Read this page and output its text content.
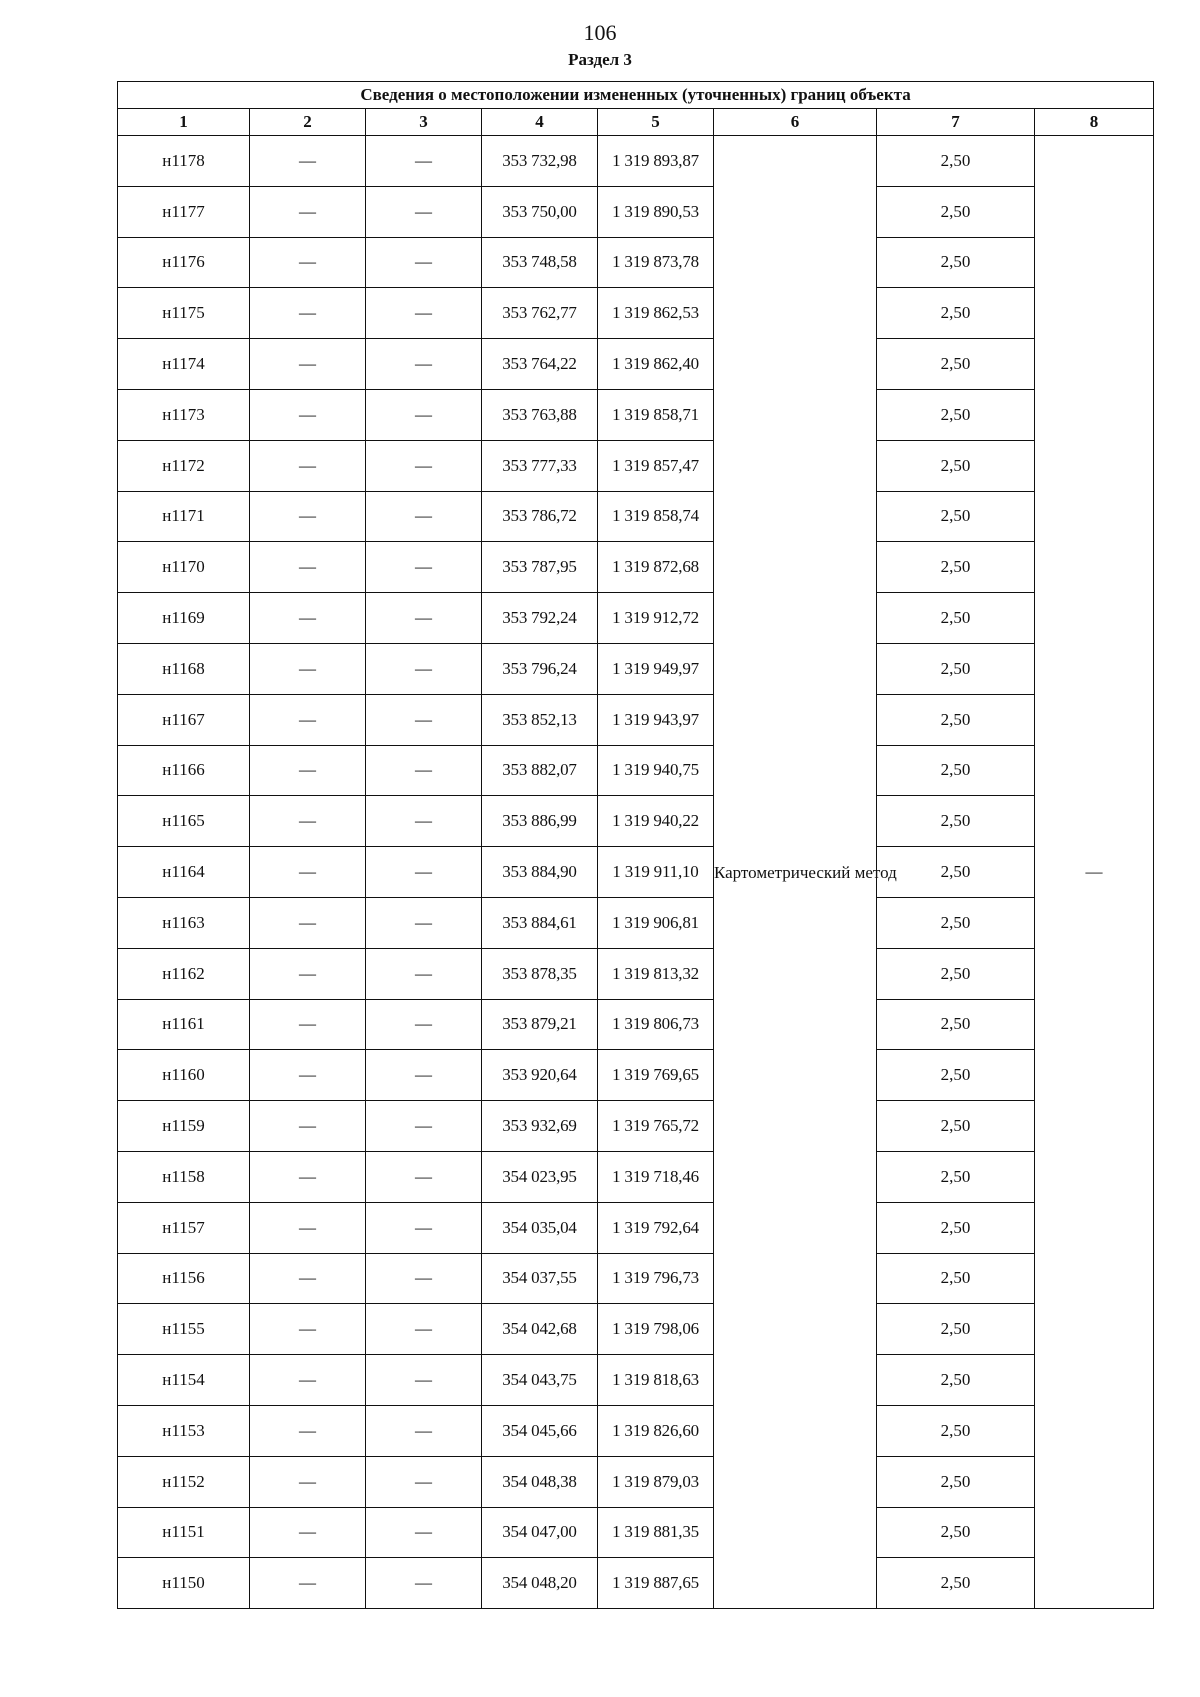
106
Раздел 3
Сведения о местоположении измененных (уточненных) границ объекта							
1	2	3	4	5	6	7	8
н1178	—	—	353 732,98	1 319 893,87	Картометрический метод	2,50	—
н1177	—	—	353 750,00	1 319 890,53		2,50	
н1176	—	—	353 748,58	1 319 873,78		2,50	
н1175	—	—	353 762,77	1 319 862,53		2,50	
н1174	—	—	353 764,22	1 319 862,40		2,50	
н1173	—	—	353 763,88	1 319 858,71		2,50	
н1172	—	—	353 777,33	1 319 857,47		2,50	
н1171	—	—	353 786,72	1 319 858,74		2,50	
н1170	—	—	353 787,95	1 319 872,68		2,50	
н1169	—	—	353 792,24	1 319 912,72		2,50	
н1168	—	—	353 796,24	1 319 949,97		2,50	
н1167	—	—	353 852,13	1 319 943,97		2,50	
н1166	—	—	353 882,07	1 319 940,75		2,50	
н1165	—	—	353 886,99	1 319 940,22		2,50	
н1164	—	—	353 884,90	1 319 911,10		2,50	
н1163	—	—	353 884,61	1 319 906,81		2,50	
н1162	—	—	353 878,35	1 319 813,32		2,50	
н1161	—	—	353 879,21	1 319 806,73		2,50	
н1160	—	—	353 920,64	1 319 769,65		2,50	
н1159	—	—	353 932,69	1 319 765,72		2,50	
н1158	—	—	354 023,95	1 319 718,46		2,50	
н1157	—	—	354 035,04	1 319 792,64		2,50	
н1156	—	—	354 037,55	1 319 796,73		2,50	
н1155	—	—	354 042,68	1 319 798,06		2,50	
н1154	—	—	354 043,75	1 319 818,63		2,50	
н1153	—	—	354 045,66	1 319 826,60		2,50	
н1152	—	—	354 048,38	1 319 879,03		2,50	
н1151	—	—	354 047,00	1 319 881,35		2,50	
н1150	—	—	354 048,20	1 319 887,65		2,50	
